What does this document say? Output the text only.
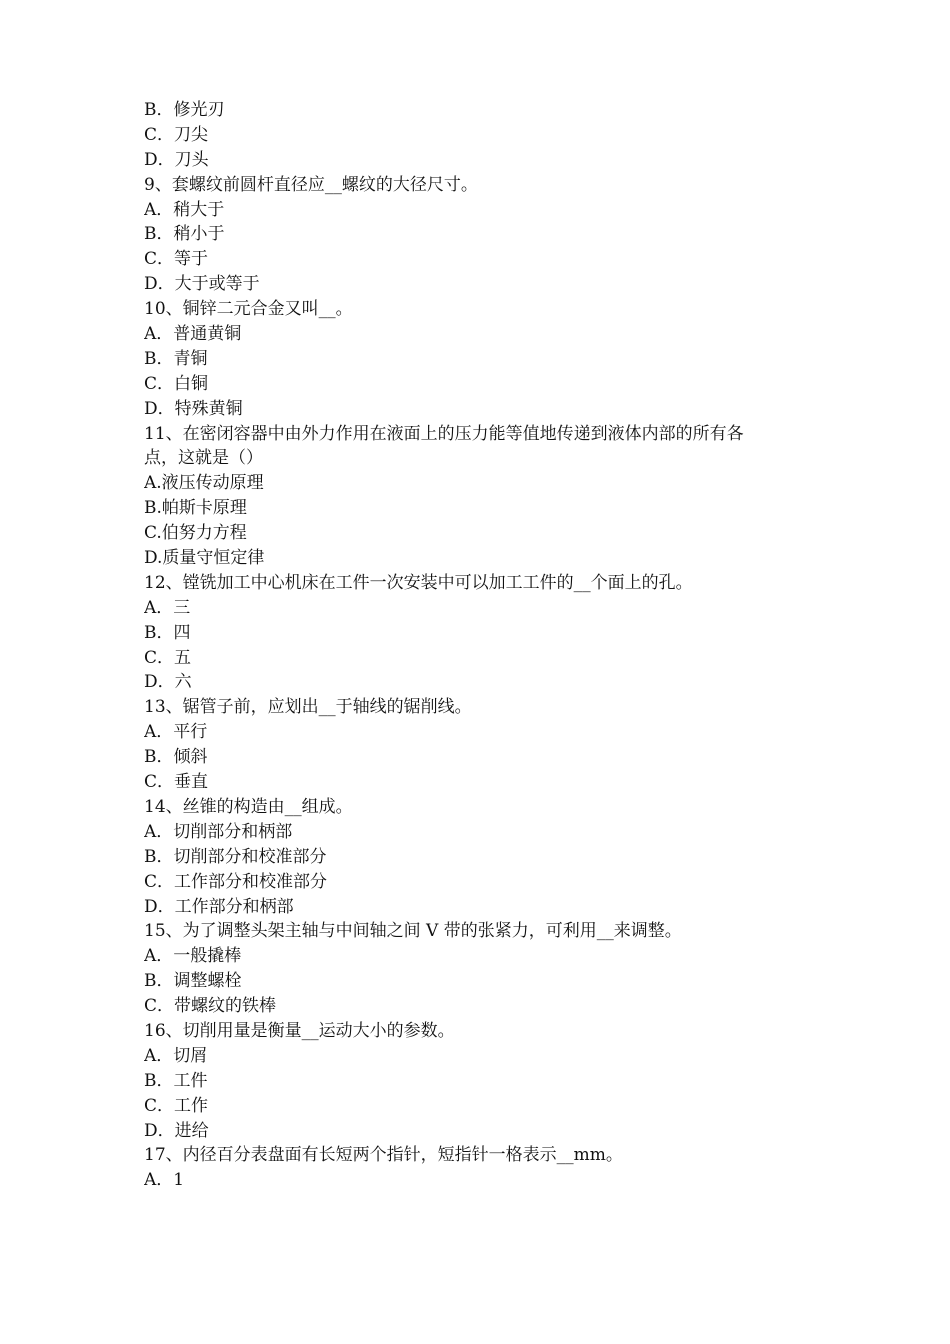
B．修光刃
C．刀尖
D．刀头
9、套螺纹前圆杆直径应__螺纹的大径尺寸。
A．稍大于
B．稍小于
C．等于
D．大于或等于
10、铜锌二元合金又叫__。
A．普通黄铜
B．青铜
C．白铜
D．特殊黄铜
11、在密闭容器中由外力作用在液面上的压力能等值地传递到液体内部的所有各
点，这就是（）
A.液压传动原理
B.帕斯卡原理
C.伯努力方程
D.质量守恒定律
12、镗铣加工中心机床在工件一次安装中可以加工工件的__个面上的孔。
A．三
B．四
C．五
D．六
13、锯管子前，应划出__于轴线的锯削线。
A．平行
B．倾斜
C．垂直
14、丝锥的构造由__组成。
A．切削部分和柄部
B．切削部分和校准部分
C．工作部分和校准部分
D．工作部分和柄部
15、为了调整头架主轴与中间轴之间 V 带的张紧力，可利用__来调整。
A．一般撬棒
B．调整螺栓
C．带螺纹的铁棒
16、切削用量是衡量__运动大小的参数。
A．切屑
B．工件
C．工作
D．进给
17、内径百分表盘面有长短两个指针，短指针一格表示__mm。
A．1
